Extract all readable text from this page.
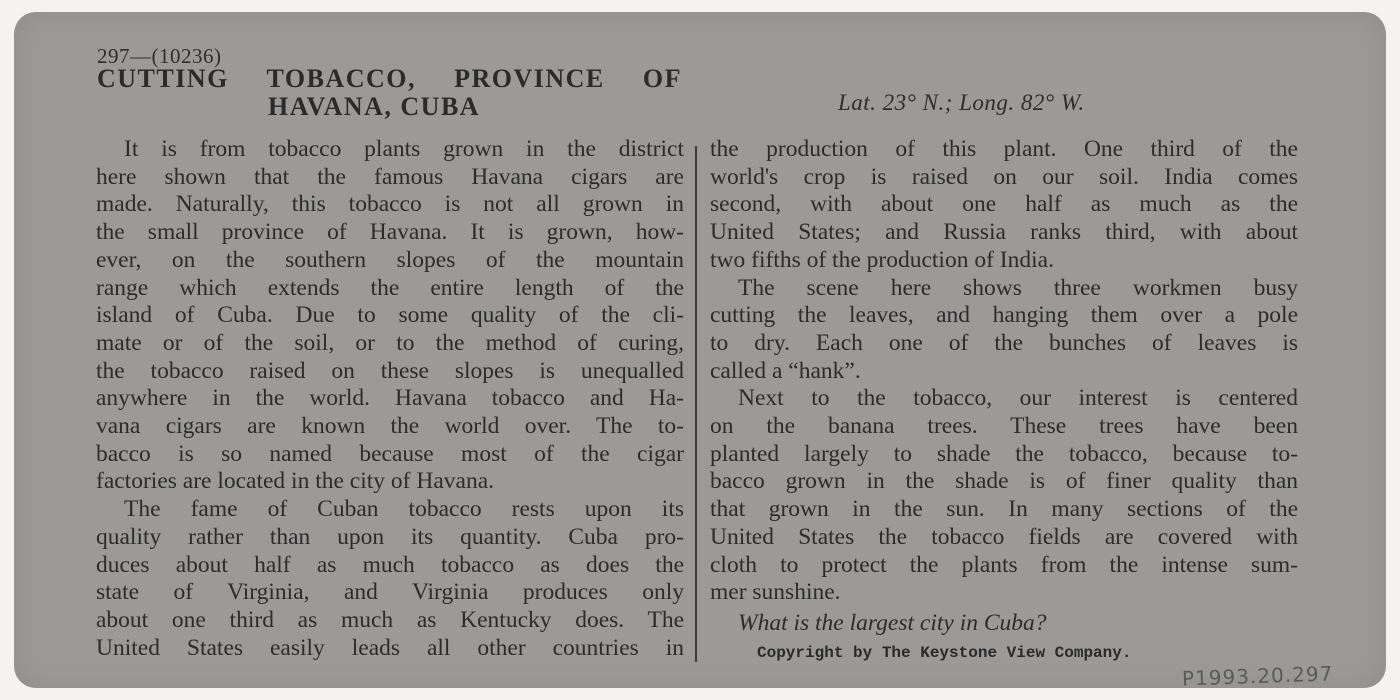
297—(10236)
CUTTING TOBACCO, PROVINCE OF
HAVANA, CUBA	Lat. 23° N.; Long. 82° W.
It is from tobacco plants grown in the district
here shown that the famous Havana cigars are
made. Naturally, this tobacco is not all grown in
the small province of Havana. It is grown, how-
ever, on the southern slopes of the mountain
range which extends the entire length of the
island of Cuba. Due to some quality of the cli-
mate or of the soil, or to the method of curing,
the tobacco raised on these slopes is unequalled
anywhere in the world. Havana tobacco and Ha-
vana cigars are known the world over. The to-
bacco is so named because most of the cigar
factories are located in the city of Havana.
The fame of Cuban tobacco rests upon its
quality rather than upon its quantity. Cuba pro-
duces about half as much tobacco as does the
state of Virginia, and Virginia produces only
about one third as much as Kentucky does. The
United States easily leads all other countries in
the production of this plant. One third of the
world's crop is raised on our soil. India comes
second, with about one half as much as the
United States; and Russia ranks third, with about
two fifths of the production of India.
The scene here shows three workmen busy
cutting the leaves, and hanging them over a pole
to dry. Each one of the bunches of leaves is
called a “hank”.
Next to the tobacco, our interest is centered
on the banana trees. These trees have been
planted largely to shade the tobacco, because to-
bacco grown in the shade is of finer quality than
that grown in the sun. In many sections of the
United States the tobacco fields are covered with
cloth to protect the plants from the intense sum-
mer sunshine.
What is the largest city in Cuba?
Copyright by The Keystone View Company.
P1993.20.297
